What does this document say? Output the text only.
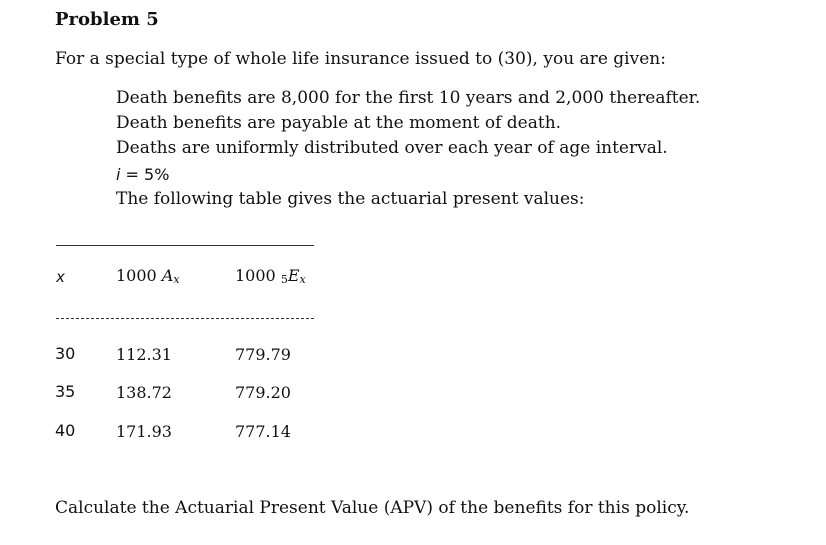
Problem 5
For a special type of whole life insurance issued to (30), you are given:
Death benefits are 8,000 for the first 10 years and 2,000 thereafter.
Death benefits are payable at the moment of death.
Deaths are uniformly distributed over each year of age interval.
i = 5%
The following table gives the actuarial present values:
x	1000 $A_x$	1000 $5E_x$
30	112.31	779.79
35	138.72	779.20
40	171.93	777.14
Calculate the Actuarial Present Value (APV) of the benefits for this policy.
